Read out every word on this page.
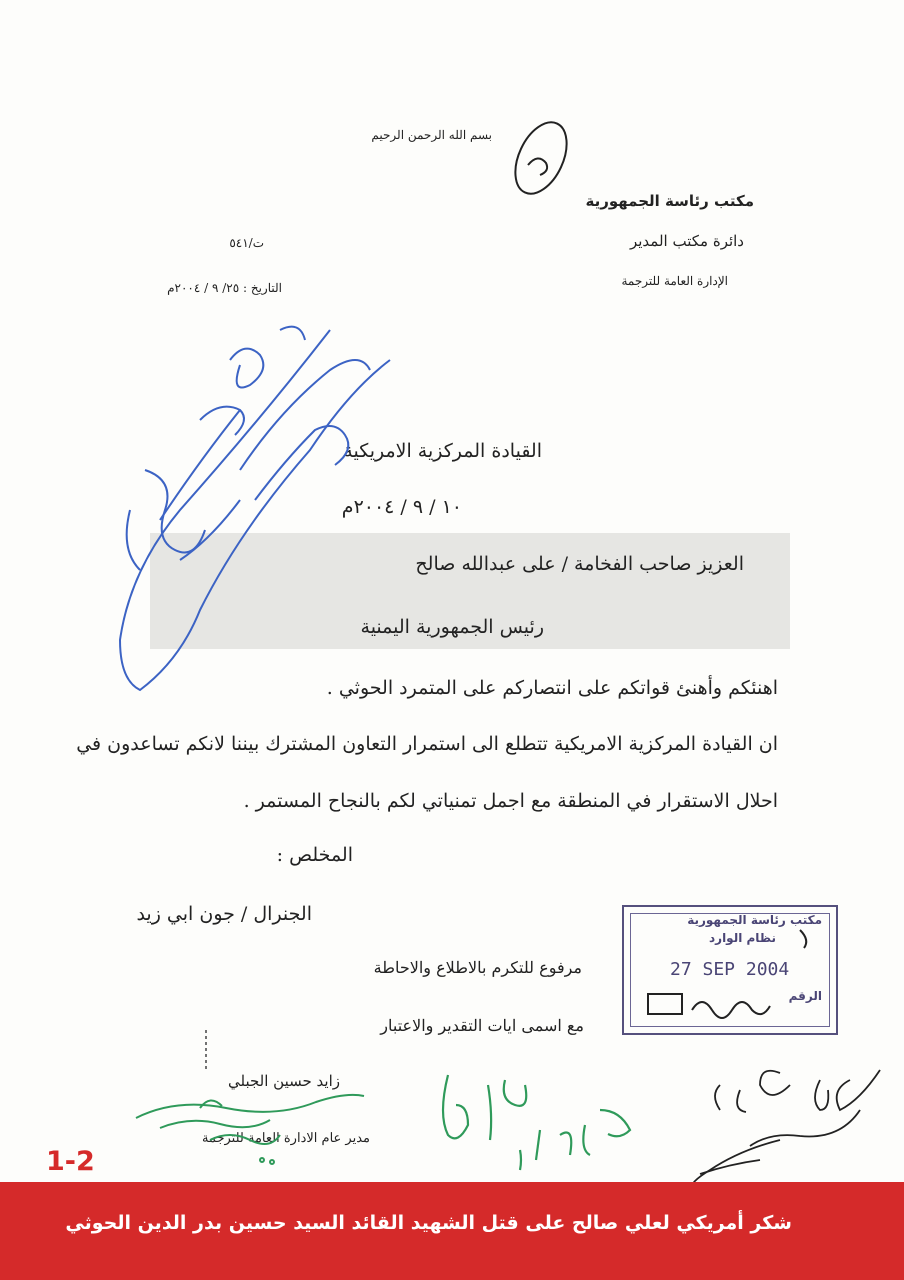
بسم الله الرحمن الرحيم
مكتب رئاسة الجمهورية
دائرة مكتب المدير
الإدارة العامة للترجمة
ت/٥٤١
التاريخ : ٢٥/ ٩ / ٢٠٠٤م
القيادة المركزية الامريكية
١٠ / ٩ / ٢٠٠٤م
العزيز صاحب الفخامة / على عبدالله صالح
رئيس الجمهورية اليمنية
اهنئكم وأهنئ قواتكم على انتصاركم على المتمرد الحوثي .
ان القيادة المركزية الامريكية تتطلع الى استمرار التعاون المشترك بيننا لانكم تساعدون في
احلال الاستقرار في المنطقة مع اجمل تمنياتي لكم بالنجاح المستمر .
المخلص :
الجنرال / جون ابي زيد
مرفوع للتكرم بالاطلاع والاحاطة
مع اسمى ايات التقدير والاعتبار
زايد حسين الجبلي
مدير عام الادارة العامة للترجمة
مكتب رئاسة الجمهورية
نظام الوارد
27 SEP 2004
الرقم
1-2
شكر أمريكي لعلي صالح على قتل الشهيد القائد السيد حسين بدر الدين الحوثي
